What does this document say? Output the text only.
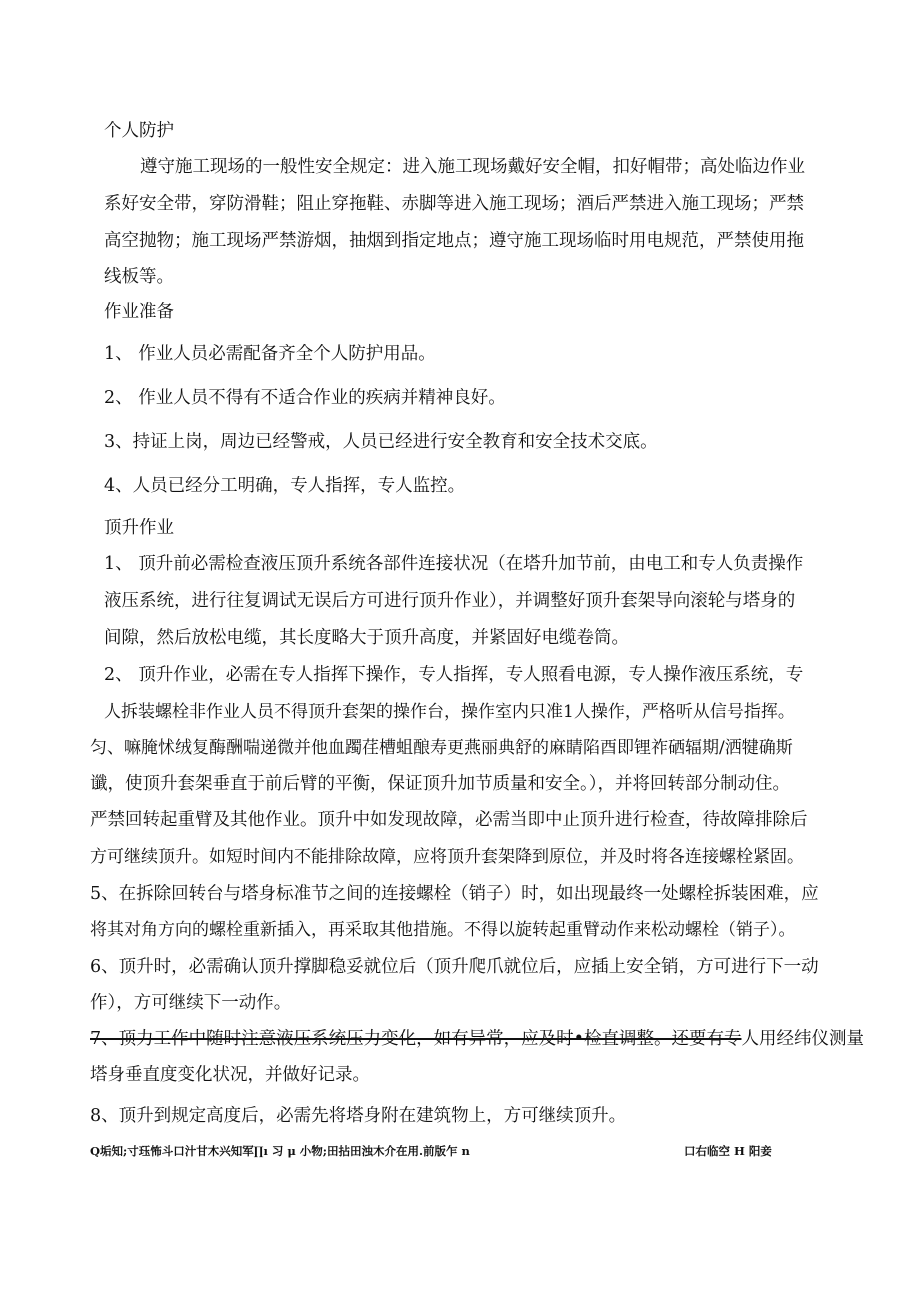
个人防护
遵守施工现场的一般性安全规定：进入施工现场戴好安全帽，扣好帽带；高处临边作业
系好安全带，穿防滑鞋；阻止穿拖鞋、赤脚等进入施工现场；酒后严禁进入施工现场；严禁
高空抛物；施工现场严禁游烟，抽烟到指定地点；遵守施工现场临时用电规范，严禁使用拖
线板等。
作业准备
1、 作业人员必需配备齐全个人防护用品。
2、 作业人员不得有不适合作业的疾病并精神良好。
3、持证上岗，周边已经警戒，人员已经进行安全教育和安全技术交底。
4、人员已经分工明确，专人指挥，专人监控。
顶升作业
1、 顶升前必需检查液压顶升系统各部件连接状况（在塔升加节前，由电工和专人负责操作
液压系统，进行往复调试无误后方可进行顶升作业），并调整好顶升套架导向滚轮与塔身的
间隙，然后放松电缆，其长度略大于顶升高度，并紧固好电缆卷筒。
2、 顶升作业，必需在专人指挥下操作，专人指挥，专人照看电源，专人操作液压系统，专
人拆装螺栓非作业人员不得顶升套架的操作台，操作室内只准1人操作，严格听从信号指挥。
匀、嘛腌怵绒复酶酬喘递微并他血躅荏槽蛆酿寿更燕丽典舒的麻睛陷酉即锂祚硒辐期/洒犍确斯
谶，使顶升套架垂直于前后臂的平衡，保证顶升加节质量和安全。），并将回转部分制动住。
严禁回转起重臂及其他作业。顶升中如发现故障，必需当即中止顶升进行检查，待故障排除后
方可继续顶升。如短时间内不能排除故障，应将顶升套架降到原位，并及时将各连接螺栓紧固。
5、在拆除回转台与塔身标准节之间的连接螺栓（销子）时，如出现最终一处螺栓拆装困难，应
将其对角方向的螺栓重新插入，再采取其他措施。不得以旋转起重臂动作来松动螺栓（销子）。
6、顶升时，必需确认顶升撑脚稳妥就位后（顶升爬爪就位后，应插上安全销，方可进行下一动
作），方可继续下一动作。
7、顶力工作中随时注意液压系统压力变化，如有异常，应及时•检直调整。还要有专人用经纬仪测量
塔身垂直度变化状况，并做好记录。
8、顶升到规定高度后，必需先将塔身附在建筑物上，方可继续顶升。
Q垢知;寸珏怖斗口汁甘木兴知军∏ı 习 μ 小物;田拈田浊木介在用.前版乍 n	口右临空 H 阳妾
